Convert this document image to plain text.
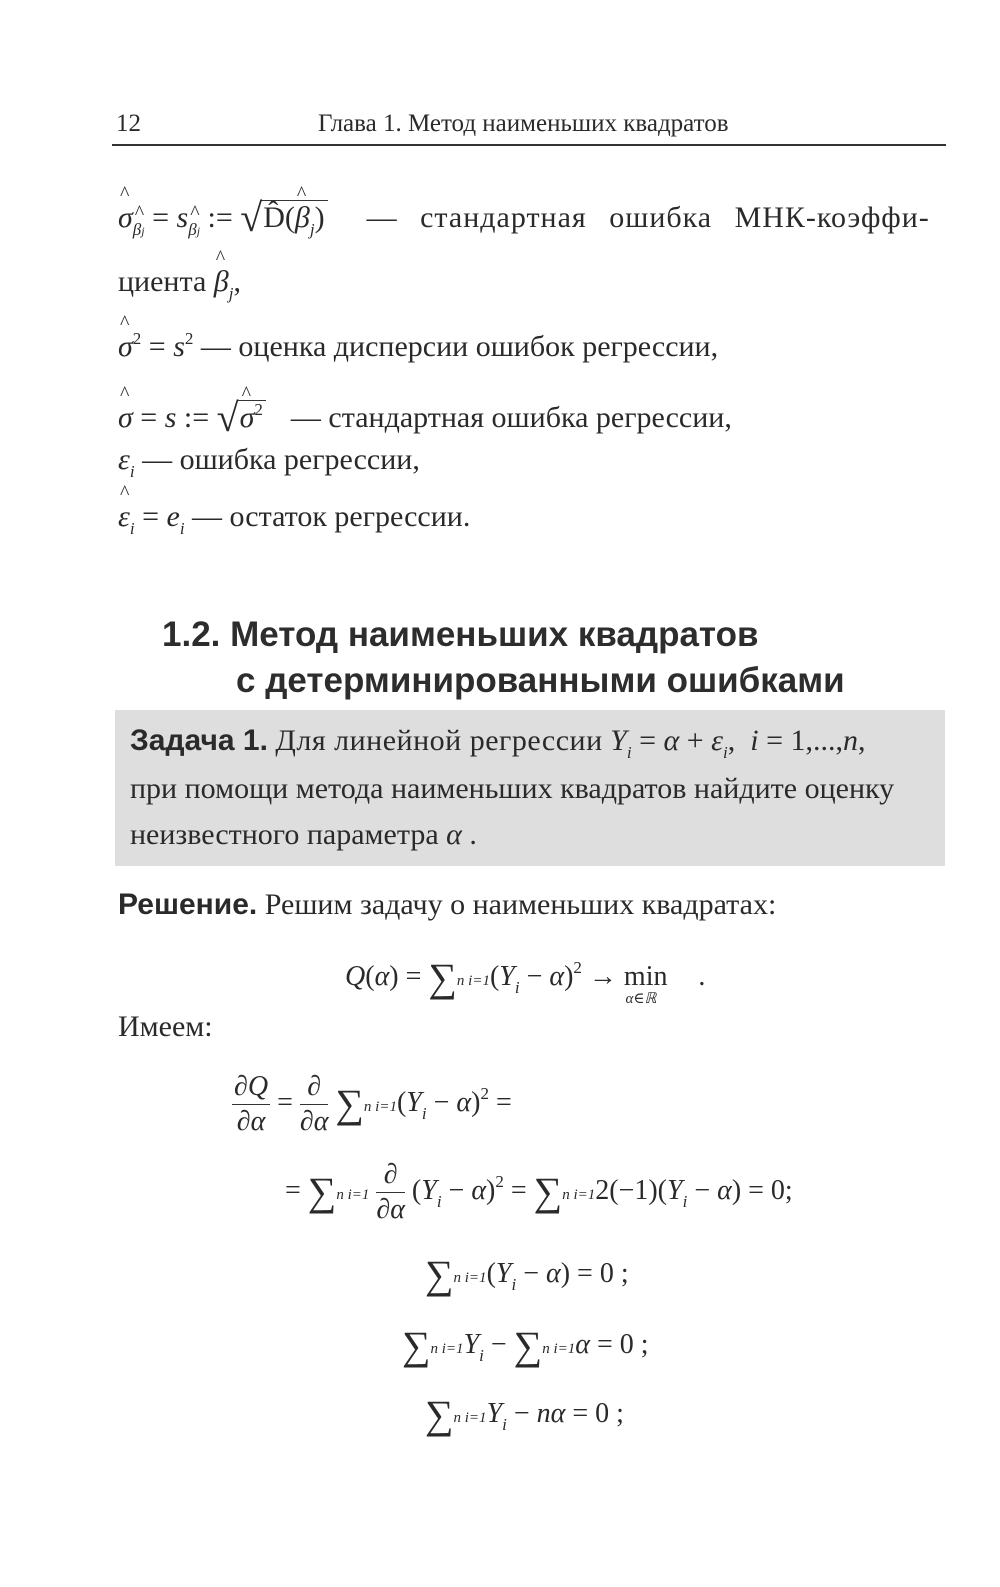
12	Глава 1. Метод наименьших квадратов
^ σ^ $_{\beta j}$ = s^ $_{\beta j}$ := √D̂(^ $\beta_j$) — стандартная ошибка МНК-коэффи-
циента ^ $\beta_j$,
^ $\sigma^2 = s^2$ — оценка дисперсии ошибок регрессии,
^ σ = s := √^ $\sigma^2$ — стандартная ошибка регрессии,
$\varepsilon_i$ — ошибка регрессии,
^ $\varepsilon_i = e_i$ — остаток регрессии.
1.2. Метод наименьших квадратов
с детерминированными ошибками
Задача 1. Для линейной регрессии $Y_i = \alpha + \varepsilon_i$,  i = 1,...,n,
при помощи метода наименьших квадратов найдите оценку
неизвестного параметра α .
Решение. Решим задачу о наименьших квадратах:
Q(α) = ∑n $i=1(Y_i - \alpha)^2 \to \min_{\alpha\in ℝ}$.
Имеем:
$\frac{\partial Q}{\partial\alpha} = \frac{\partial}{\partial\alpha} \sum n$ $i=1(Y_i - \alpha)^2$ =
= ∑n $i=1 \frac{\partial}{\partial\alpha} (Y_i - \alpha)^2 = \sum n$ $i=12(-1)(Y_i - \alpha) = 0$;
∑n $i=1(Y_i - \alpha) = 0$ ;
∑n $i=1Y_i - \sum n$ i=1α = 0 ;
∑n $i=1Y_i - n\alpha = 0$ ;
